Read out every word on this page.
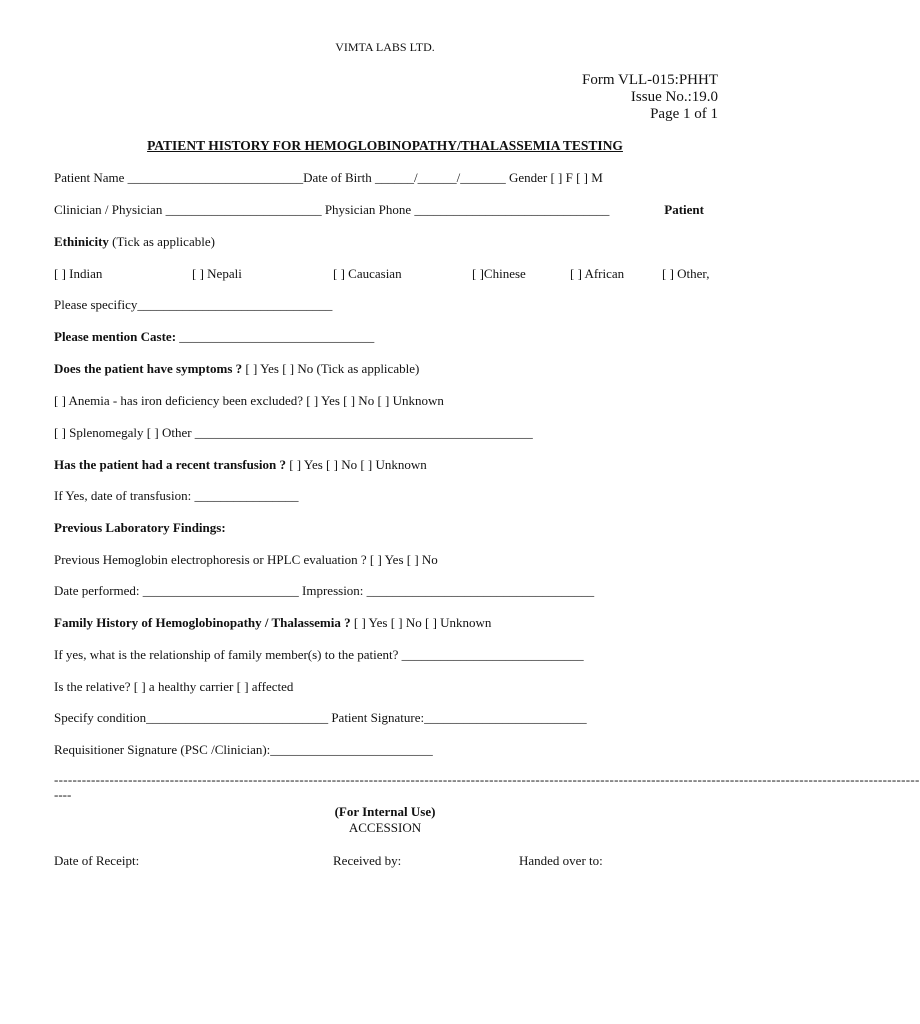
VIMTA LABS LTD.
Form VLL-015:PHHT
Issue No.:19.0
Page 1 of 1
PATIENT HISTORY FOR HEMOGLOBINOPATHY/THALASSEMIA TESTING
Patient Name ___________________________Date of Birth ______/______/_______ Gender [ ] F [ ] M
Clinician / Physician ________________________ Physician Phone ______________________________	Patient
Ethinicity (Tick as applicable)
[ ] Indian	[ ] Nepali	[ ] Caucasian	[ ]Chinese	[ ] African	[ ] Other,
Please specificy______________________________
Please mention Caste: ______________________________
Does the patient have symptoms ? [ ] Yes [ ] No (Tick as applicable)
[ ] Anemia - has iron deficiency been excluded? [ ] Yes [ ] No [ ] Unknown
[ ] Splenomegaly [ ] Other ____________________________________________________
Has the patient had a recent transfusion ? [ ] Yes [ ] No [ ] Unknown
If Yes, date of transfusion: ________________
Previous Laboratory Findings:
Previous Hemoglobin electrophoresis or HPLC evaluation ? [ ] Yes [ ] No
Date performed: ________________________ Impression: ___________________________________
Family History of Hemoglobinopathy / Thalassemia ? [ ] Yes [ ] No [ ] Unknown
If yes, what is the relationship of family member(s) to the patient? ____________________________
Is the relative? [ ] a healthy carrier [ ] affected
Specify condition____________________________ Patient Signature:_________________________
Requisitioner Signature (PSC /Clinician):_________________________
-------------------------------------------------------------------------------------------------------------------------------------------------------------------------------------------
----
(For Internal Use)
ACCESSION
Date of Receipt:	Received by:	Handed over to:
